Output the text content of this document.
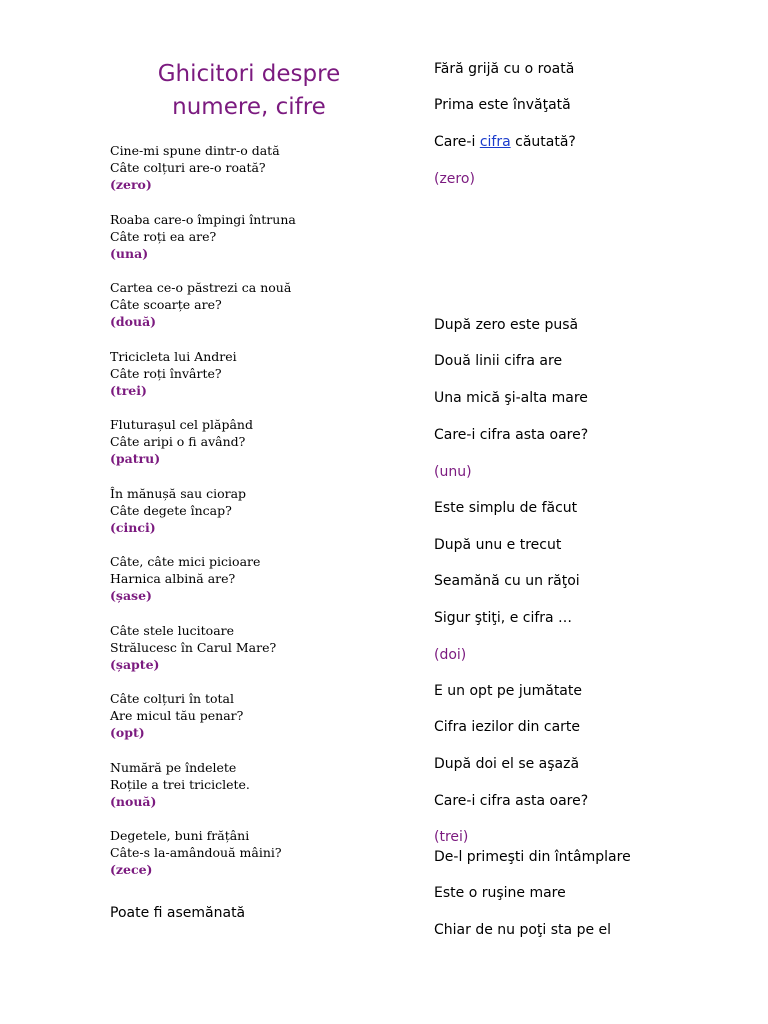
Ghicitori despre
numere, cifre
Cine-mi spune dintr-o dată
Câte colțuri are-o roată?
(zero)
Roaba care-o împingi întruna
Câte roți ea are?
(una)
Cartea ce-o păstrezi ca nouă
Câte scoarțe are?
(două)
Tricicleta lui Andrei
Câte roți învârte?
(trei)
Fluturașul cel plăpând
Câte aripi o fi având?
(patru)
În mănușă sau ciorap
Câte degete încap?
(cinci)
Câte, câte mici picioare
Harnica albină are?
(șase)
Câte stele lucitoare
Strălucesc în Carul Mare?
(șapte)
Câte colțuri în total
Are micul tău penar?
(opt)
Numără pe îndelete
Roțile a trei triciclete.
(nouă)
Degetele, buni frățâni
Câte-s la-amândouă mâini?
(zece)
Poate fi asemănată
Fără grijă cu o roată
Prima este învăţată
Care-i cifra căutată?
(zero)
După zero este pusă
Două linii cifra are
Una mică şi-alta mare
Care-i cifra asta oare?
(unu)
Este simplu de făcut
După unu e trecut
Seamănă cu un răţoi
Sigur ştiţi, e cifra …
(doi)
E un opt pe jumătate
Cifra iezilor din carte
După doi el se aşază
Care-i cifra asta oare?
(trei)
De-l primeşti din întâmplare
Este o ruşine mare
Chiar de nu poţi sta pe el
